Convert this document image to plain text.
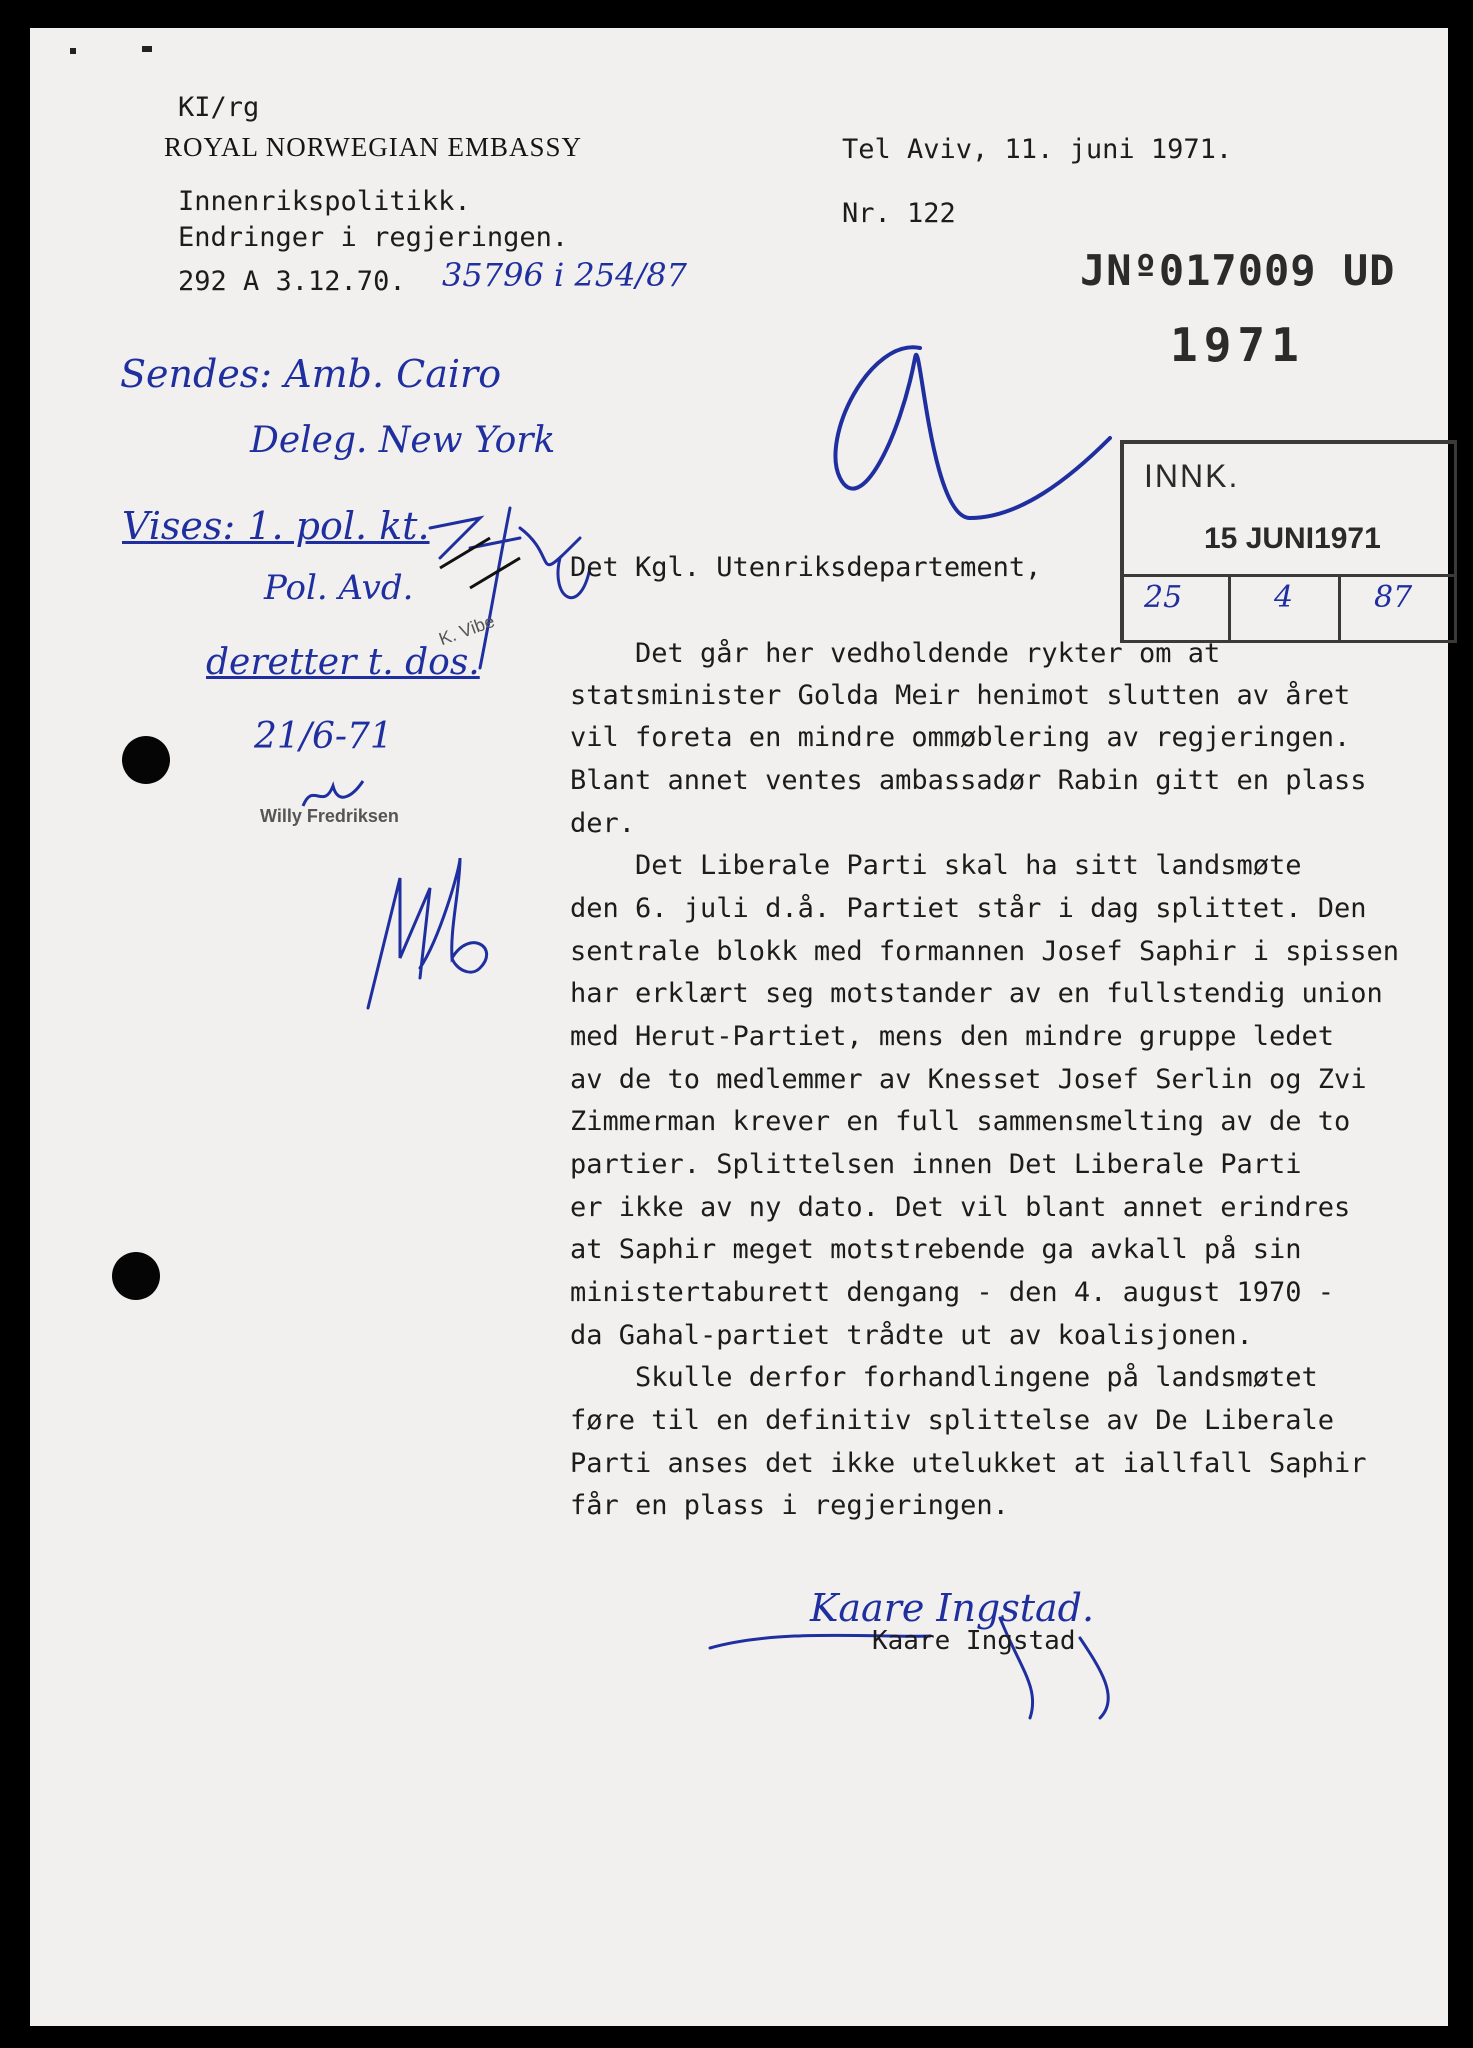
KI/rg
ROYAL NORWEGIAN EMBASSY	Tel Aviv, 11. juni 1971.
Nr. 122
Innenrikspolitikk.
Endringer i regjeringen.
292 A 3.12.70. 35796 i 254/87	JNº017009 UD
1971
INNK.
15 JUNI1971
25	4	87
Sendes: Amb. Cairo
Deleg. New York
Vises: 1. pol. kt.
Pol. Avd.
deretter t. dos.
21/6-71
K. Vibe
Willy Fredriksen
Det Kgl. Utenriksdepartement,
Det går her vedholdende rykter om at
statsminister Golda Meir henimot slutten av året
vil foreta en mindre ommøblering av regjeringen.
Blant annet ventes ambassadør Rabin gitt en plass
der.
Det Liberale Parti skal ha sitt landsmøte
den 6. juli d.å. Partiet står i dag splittet. Den
sentrale blokk med formannen Josef Saphir i spissen
har erklært seg motstander av en fullstendig union
med Herut-Partiet, mens den mindre gruppe ledet
av de to medlemmer av Knesset Josef Serlin og Zvi
Zimmerman krever en full sammensmelting av de to
partier. Splittelsen innen Det Liberale Parti
er ikke av ny dato. Det vil blant annet erindres
at Saphir meget motstrebende ga avkall på sin
ministertaburett dengang - den 4. august 1970 -
da Gahal-partiet trådte ut av koalisjonen.
Skulle derfor forhandlingene på landsmøtet
føre til en definitiv splittelse av De Liberale
Parti anses det ikke utelukket at iallfall Saphir
får en plass i regjeringen.
Kaare Ingstad.
Kaare Ingstad
